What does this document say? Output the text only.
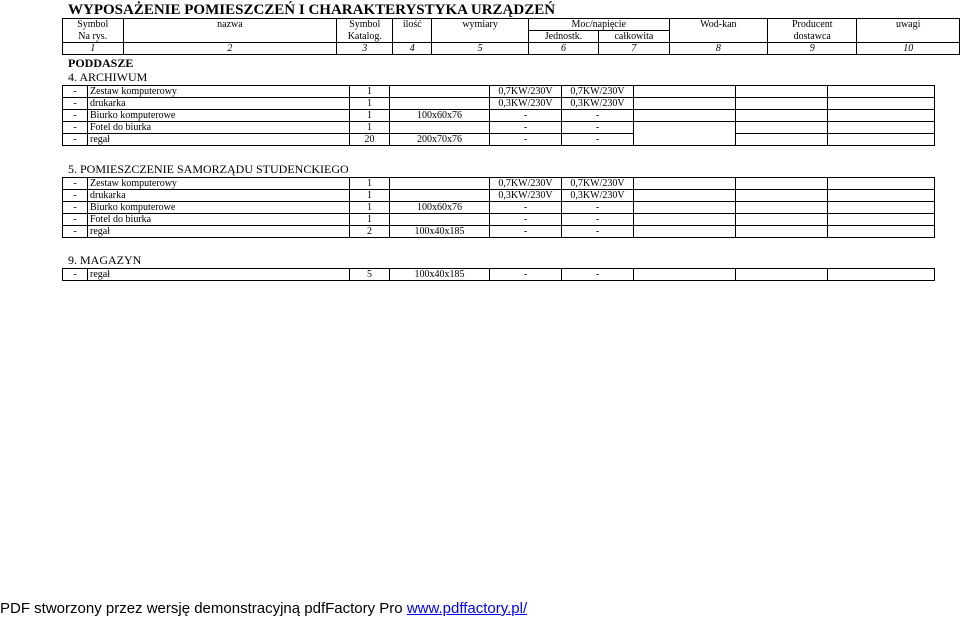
WYPOSAŻENIE POMIESZCZEŃ I CHARAKTERYSTYKA URZĄDZEŃ
Symbol	nazwa	Symbol	ilość	wymiary	Moc/napięcie		Wod-kan	Producent	uwagi
Na rys.		Katalog.			Jednostk.	całkowita		dostawca	
1	2	3	4	5	6	7	8	9	10
PODDASZE
4. ARCHIWUM
-	Zestaw komputerowy	1		0,7KW/230V	0,7KW/230V			
-	drukarka	1		0,3KW/230V	0,3KW/230V			
-	Biurko komputerowe	1	100x60x76	-	-			
-	Fotel do biurka	1		-	-			
-	regał	20	200x70x76	-	-			
5. POMIESZCZENIE SAMORZĄDU STUDENCKIEGO
-	Zestaw komputerowy	1		0,7KW/230V	0,7KW/230V			
-	drukarka	1		0,3KW/230V	0,3KW/230V			
-	Biurko komputerowe	1	100x60x76	-	-			
-	Fotel do biurka	1		-	-			
-	regał	2	100x40x185	-	-			
9. MAGAZYN
-	regał	5	100x40x185	-	-			
PDF stworzony przez wersję demonstracyjną pdfFactory Pro www.pdffactory.pl/
